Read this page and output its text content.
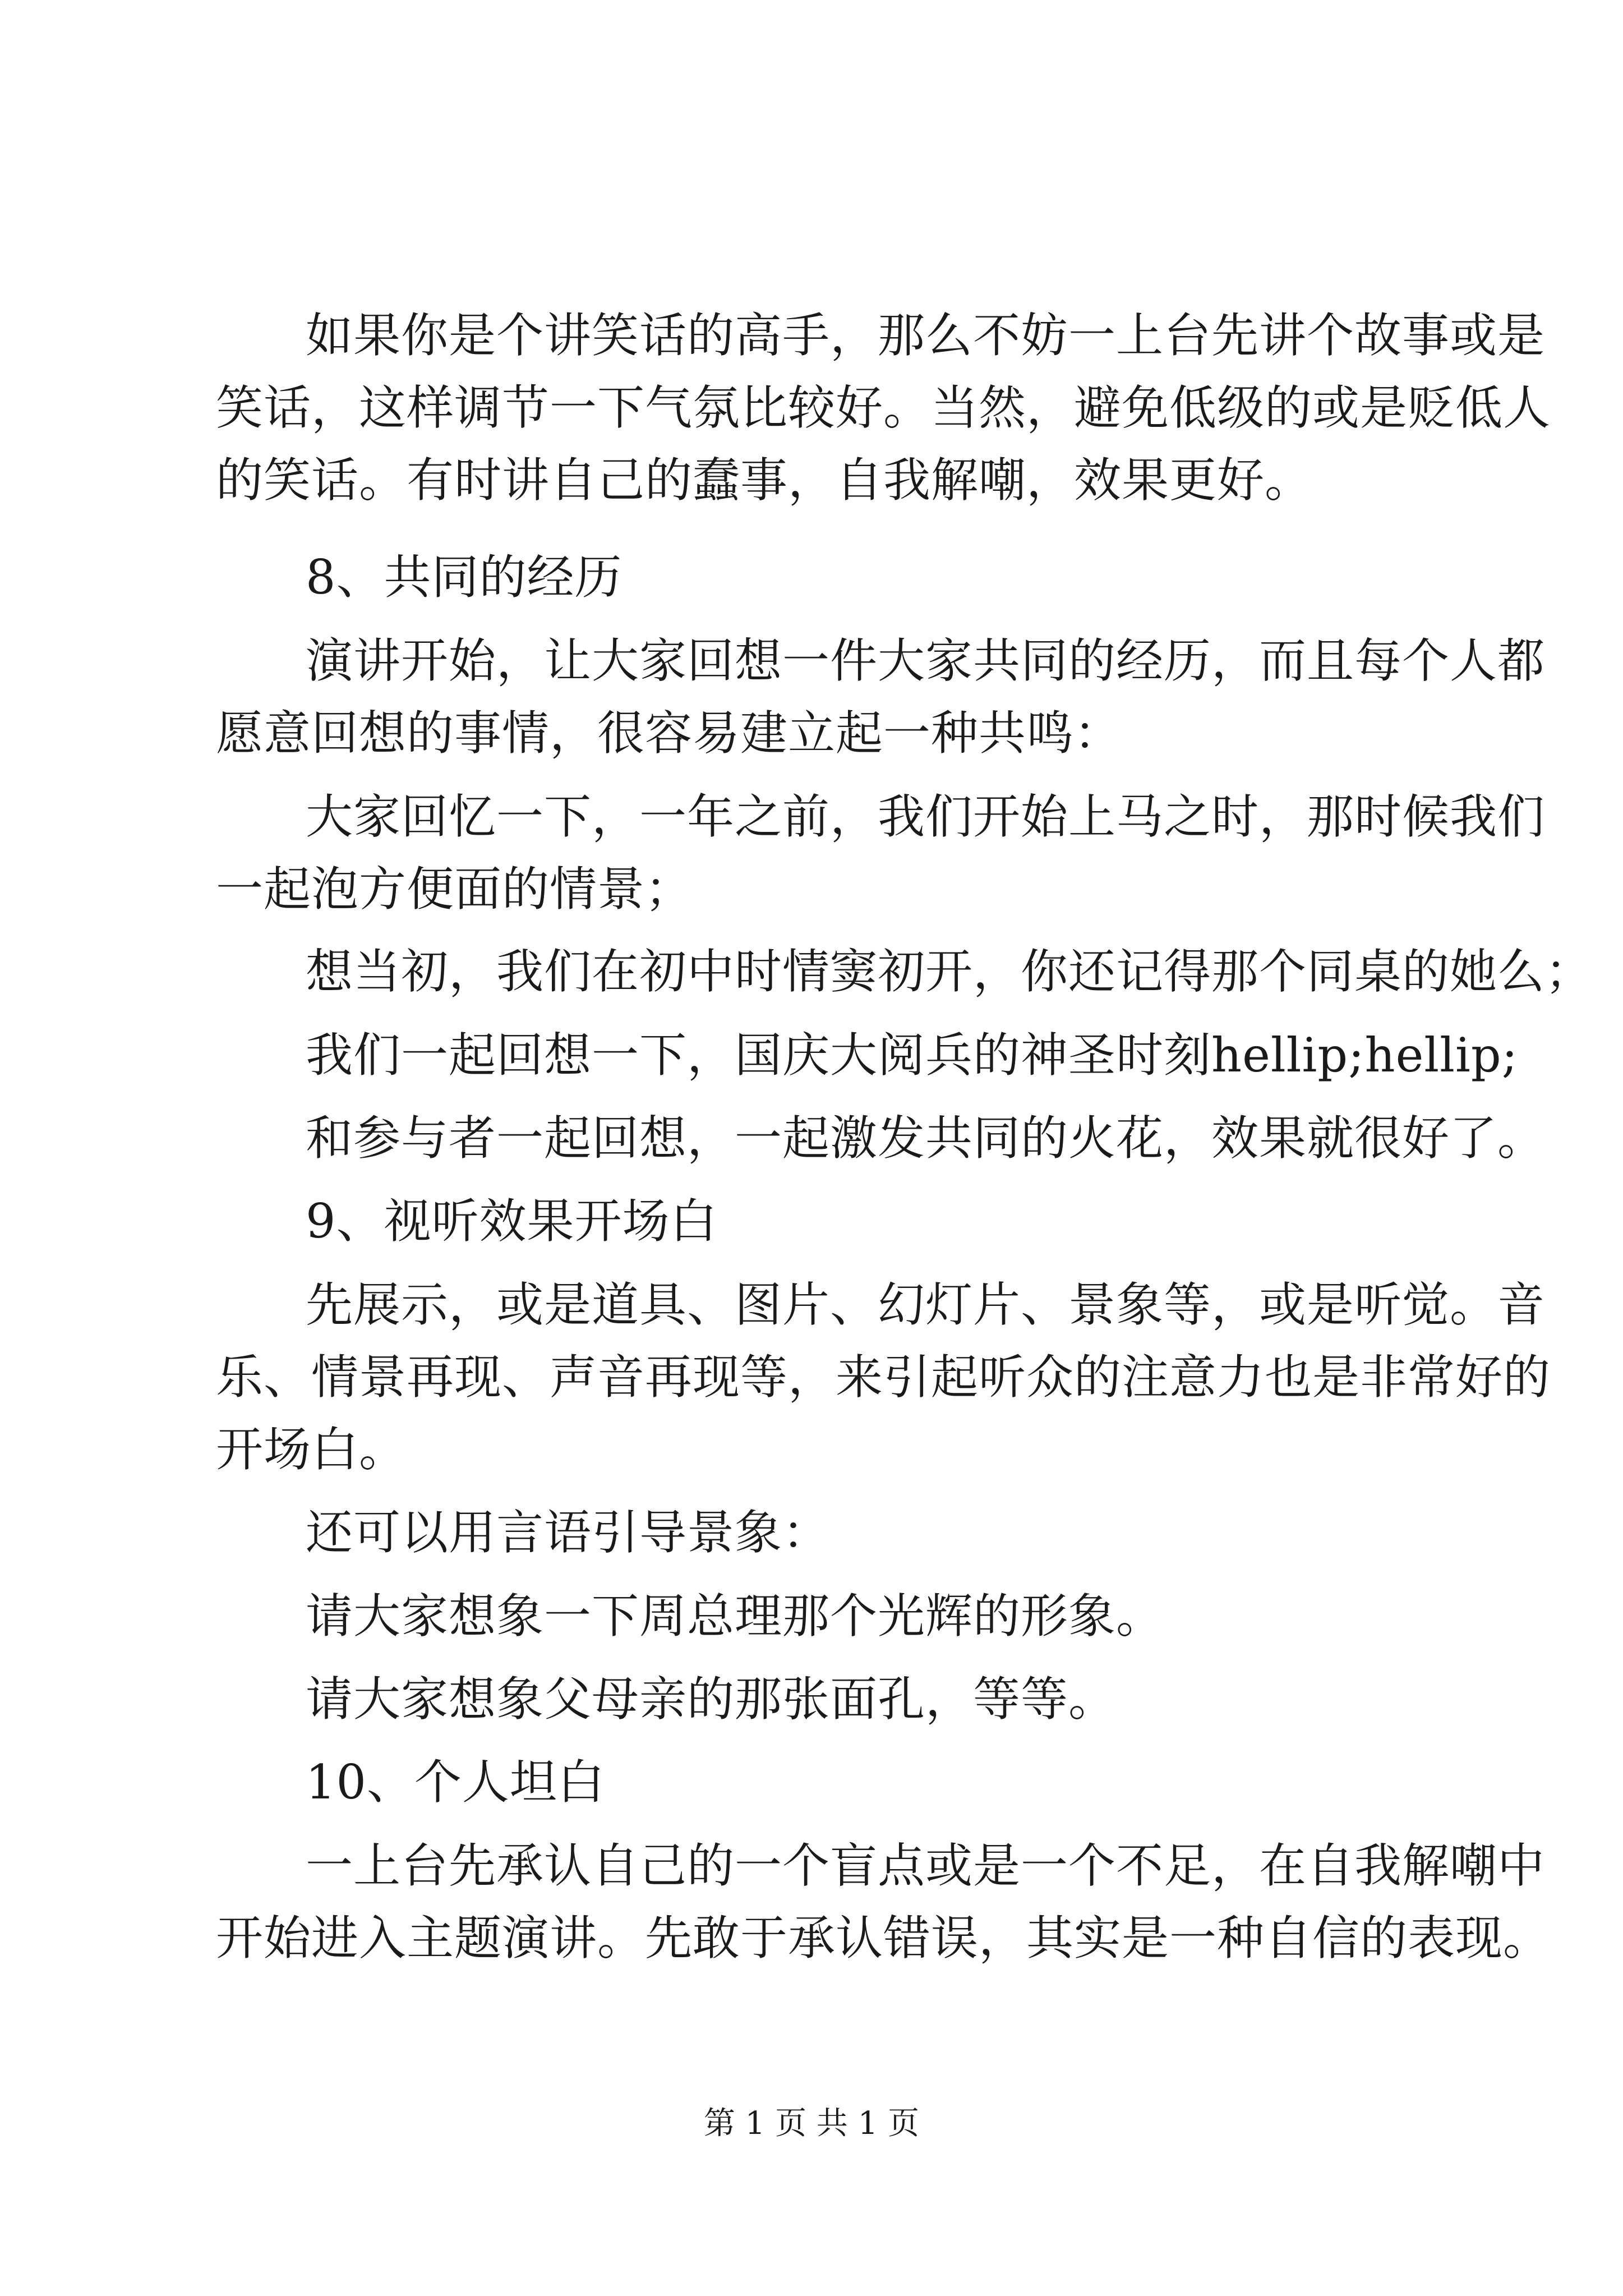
如果你是个讲笑话的高手，那么不妨一上台先讲个故事或是
笑话，这样调节一下气氛比较好。当然，避免低级的或是贬低人
的笑话。有时讲自己的蠢事，自我解嘲，效果更好。
8、共同的经历
演讲开始，让大家回想一件大家共同的经历，而且每个人都
愿意回想的事情，很容易建立起一种共鸣：
大家回忆一下，一年之前，我们开始上马之时，那时候我们
一起泡方便面的情景；
想当初，我们在初中时情窦初开，你还记得那个同桌的她么；
我们一起回想一下，国庆大阅兵的神圣时刻hellip;hellip;
和参与者一起回想，一起激发共同的火花，效果就很好了。
9、视听效果开场白
先展示，或是道具、图片、幻灯片、景象等，或是听觉。音
乐、情景再现、声音再现等，来引起听众的注意力也是非常好的
开场白。
还可以用言语引导景象：
请大家想象一下周总理那个光辉的形象。
请大家想象父母亲的那张面孔，等等。
10、个人坦白
一上台先承认自己的一个盲点或是一个不足，在自我解嘲中
开始进入主题演讲。先敢于承认错误，其实是一种自信的表现。
第 1 页 共 1 页
